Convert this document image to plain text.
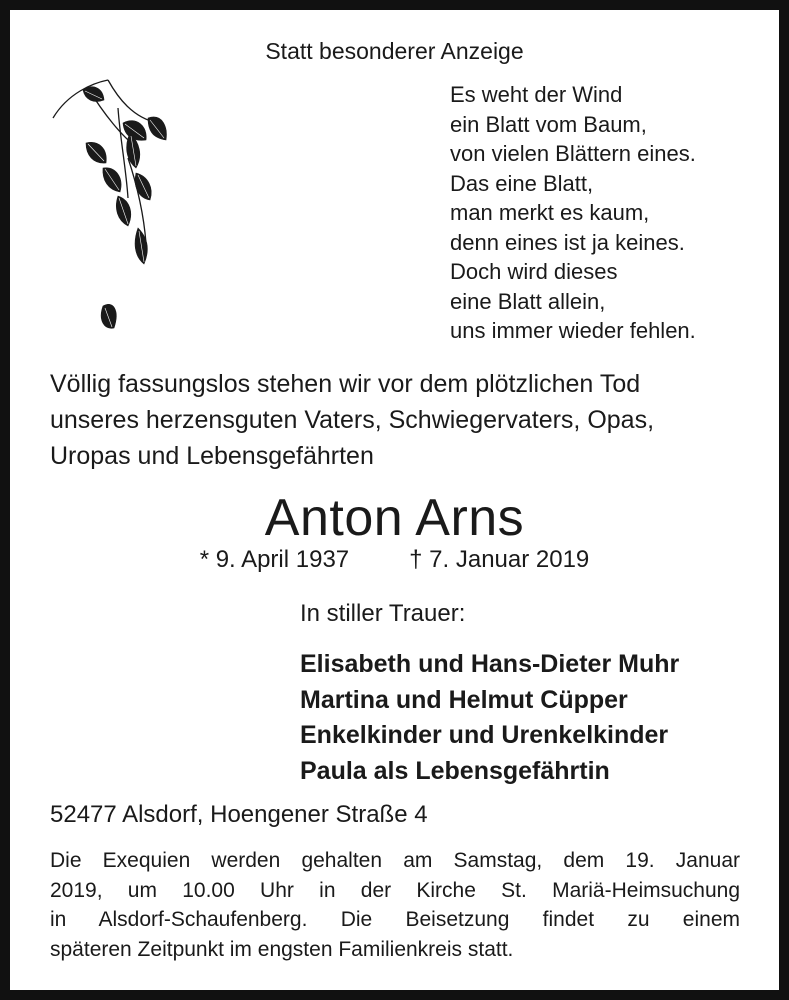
Statt besonderer Anzeige
Es weht der Wind
ein Blatt vom Baum,
von vielen Blättern eines.
Das eine Blatt,
man merkt es kaum,
denn eines ist ja keines.
Doch wird dieses
eine Blatt allein,
uns immer wieder fehlen.
Völlig fassungslos stehen wir vor dem plötzlichen Tod
unseres herzensguten Vaters, Schwiegervaters, Opas,
Uropas und Lebensgefährten
Anton Arns
* 9. April 1937	† 7. Januar 2019
In stiller Trauer:
Elisabeth und Hans-Dieter Muhr
Martina und Helmut Cüpper
Enkelkinder und Urenkelkinder
Paula als Lebensgefährtin
52477 Alsdorf, Hoengener Straße 4
Die Exequien werden gehalten am Samstag, dem 19. Januar
2019, um 10.00 Uhr in der Kirche St. Mariä-Heimsuchung
in Alsdorf-Schaufenberg. Die Beisetzung findet zu einem
späteren Zeitpunkt im engsten Familienkreis statt.
